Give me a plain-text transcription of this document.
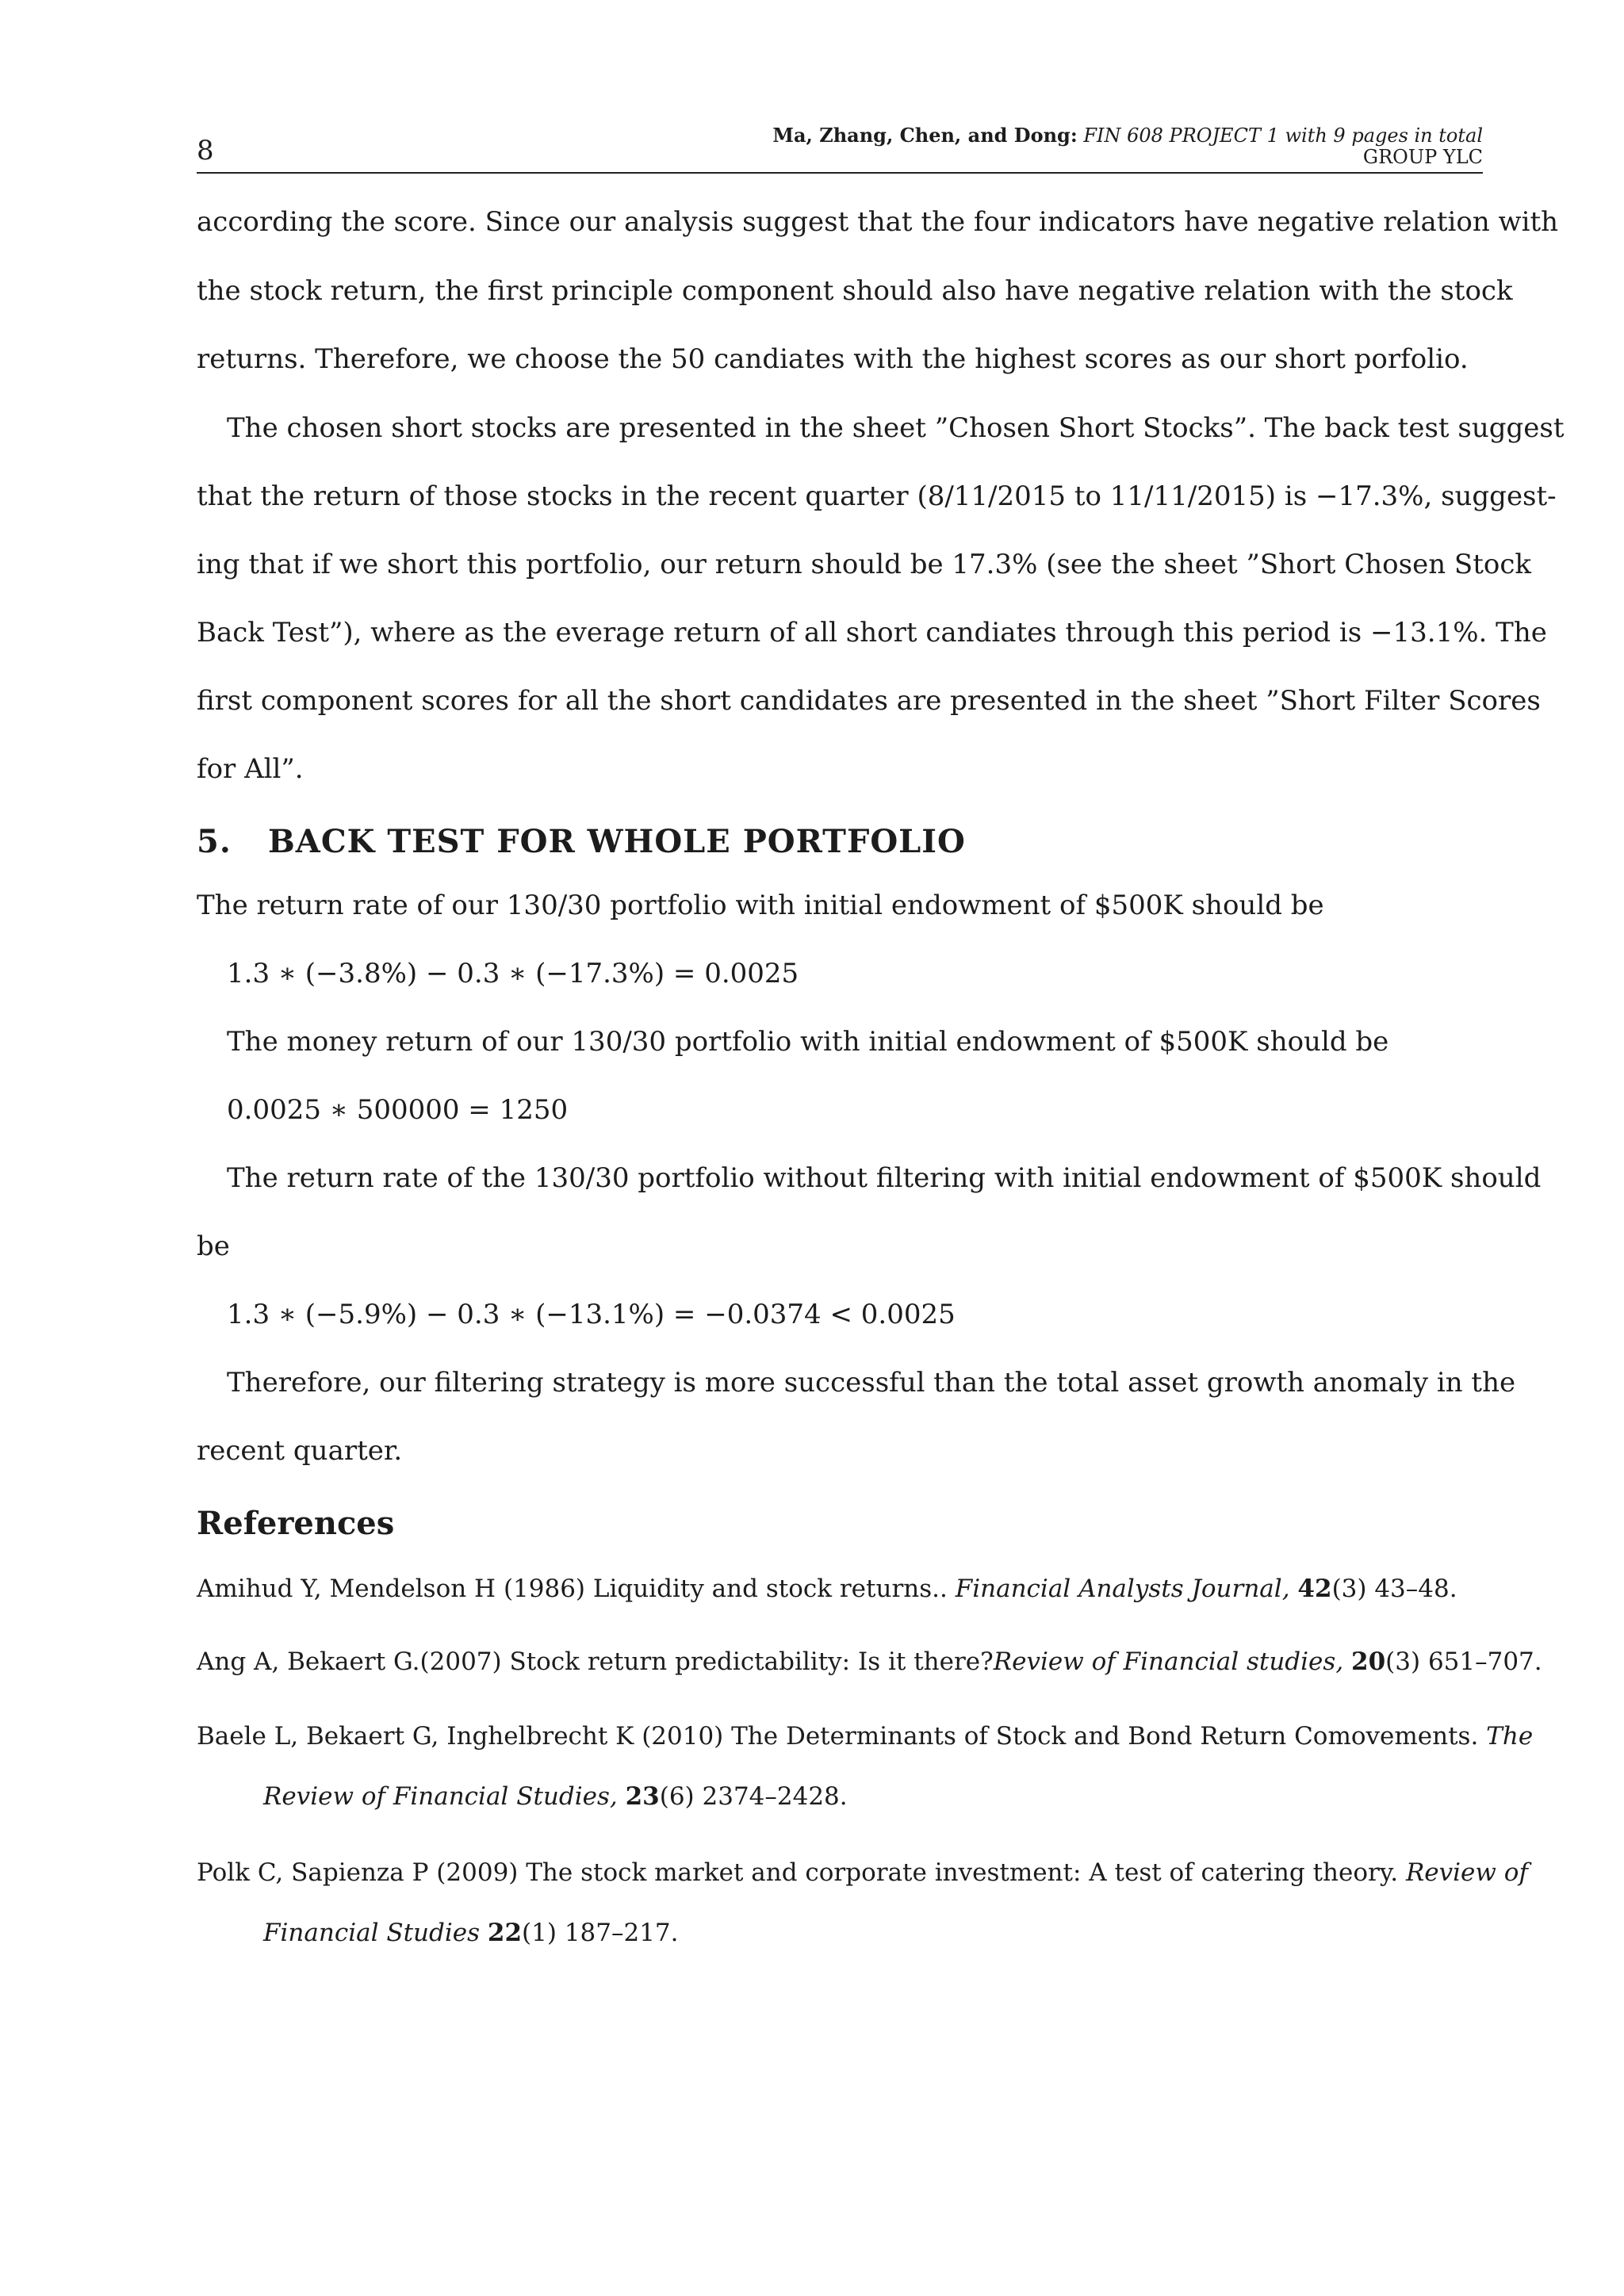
8	Ma, Zhang, Chen, and Dong: FIN 608 PROJECT 1 with 9 pages in total
GROUP YLC
according the score. Since our analysis suggest that the four indicators have negative relation with
the stock return, the first principle component should also have negative relation with the stock
returns. Therefore, we choose the 50 candiates with the highest scores as our short porfolio.
The chosen short stocks are presented in the sheet ”Chosen Short Stocks”. The back test suggest
that the return of those stocks in the recent quarter (8/11/2015 to 11/11/2015) is −17.3%, suggest-
ing that if we short this portfolio, our return should be 17.3% (see the sheet ”Short Chosen Stock
Back Test”), where as the everage return of all short candiates through this period is −13.1%. The
first component scores for all the short candidates are presented in the sheet ”Short Filter Scores
for All”.
5. BACK TEST FOR WHOLE PORTFOLIO
The return rate of our 130/30 portfolio with initial endowment of $500K should be
1.3 ∗ (−3.8%) − 0.3 ∗ (−17.3%) = 0.0025
The money return of our 130/30 portfolio with initial endowment of $500K should be
0.0025 ∗ 500000 = 1250
The return rate of the 130/30 portfolio without filtering with initial endowment of $500K should
be
1.3 ∗ (−5.9%) − 0.3 ∗ (−13.1%) = −0.0374 < 0.0025
Therefore, our filtering strategy is more successful than the total asset growth anomaly in the
recent quarter.
References
Amihud Y, Mendelson H (1986) Liquidity and stock returns.. Financial Analysts Journal, 42(3) 43–48.
Ang A, Bekaert G.(2007) Stock return predictability: Is it there?Review of Financial studies, 20(3) 651–707.
Baele L, Bekaert G, Inghelbrecht K (2010) The Determinants of Stock and Bond Return Comovements. The
Review of Financial Studies, 23(6) 2374–2428.
Polk C, Sapienza P (2009) The stock market and corporate investment: A test of catering theory. Review of
Financial Studies 22(1) 187–217.
